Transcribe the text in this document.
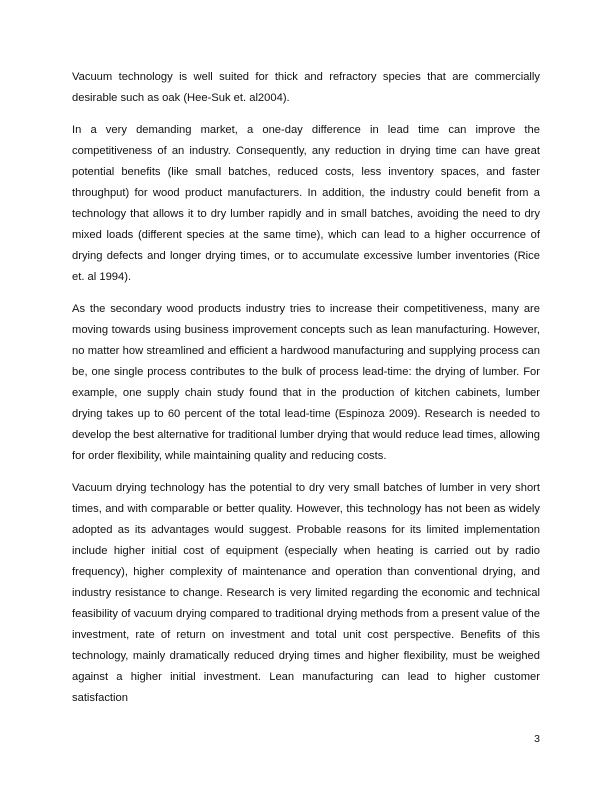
Vacuum technology is well suited for thick and refractory species that are commercially desirable such as oak (Hee-Suk et. al2004).

In a very demanding market, a one-day difference in lead time can improve the competitiveness of an industry. Consequently, any reduction in drying time can have great potential benefits (like small batches, reduced costs, less inventory spaces, and faster throughput) for wood product manufacturers. In addition, the industry could benefit from a technology that allows it to dry lumber rapidly and in small batches, avoiding the need to dry mixed loads (different species at the same time), which can lead to a higher occurrence of drying defects and longer drying times, or to accumulate excessive lumber inventories (Rice et. al 1994).

As the secondary wood products industry tries to increase their competitiveness, many are moving towards using business improvement concepts such as lean manufacturing. However, no matter how streamlined and efficient a hardwood manufacturing and supplying process can be, one single process contributes to the bulk of process lead-time: the drying of lumber. For example, one supply chain study found that in the production of kitchen cabinets, lumber drying takes up to 60 percent of the total lead-time (Espinoza 2009). Research is needed to develop the best alternative for traditional lumber drying that would reduce lead times, allowing for order flexibility, while maintaining quality and reducing costs.

Vacuum drying technology has the potential to dry very small batches of lumber in very short times, and with comparable or better quality. However, this technology has not been as widely adopted as its advantages would suggest. Probable reasons for its limited implementation include higher initial cost of equipment (especially when heating is carried out by radio frequency), higher complexity of maintenance and operation than conventional drying, and industry resistance to change. Research is very limited regarding the economic and technical feasibility of vacuum drying compared to traditional drying methods from a present value of the investment, rate of return on investment and total unit cost perspective. Benefits of this technology, mainly dramatically reduced drying times and higher flexibility, must be weighed against a higher initial investment. Lean manufacturing can lead to higher customer satisfaction

3
